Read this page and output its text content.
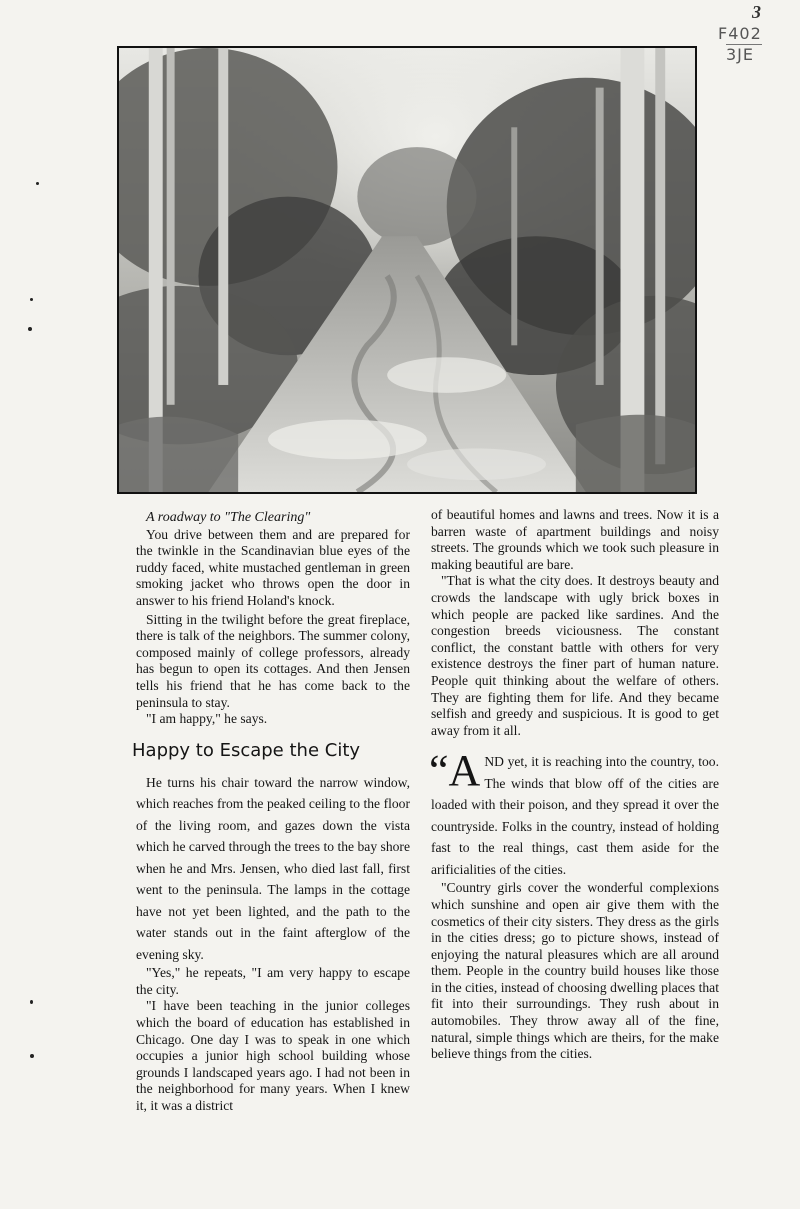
3
F402
3JE

A roadway to "The Clearing"

You drive between them and are prepared for the twinkle in the Scandinavian blue eyes of the ruddy faced, white mustached gentleman in green smoking jacket who throws open the door in answer to his friend Holand's knock.

Sitting in the twilight before the great fireplace, there is talk of the neighbors. The summer colony, composed mainly of college professors, already has begun to open its cottages. And then Jensen tells his friend that he has come back to the peninsula to stay.

"I am happy," he says.

Happy to Escape the City

He turns his chair toward the narrow window, which reaches from the peaked ceiling to the floor of the living room, and gazes down the vista which he carved through the trees to the bay shore when he and Mrs. Jensen, who died last fall, first went to the peninsula. The lamps in the cottage have not yet been lighted, and the path to the water stands out in the faint afterglow of the evening sky.

"Yes," he repeats, "I am very happy to escape the city.

"I have been teaching in the junior colleges which the board of education has established in Chicago. One day I was to speak in one which occupies a junior high school building whose grounds I landscaped years ago. I had not been in the neighborhood for many years. When I knew it, it was a district

of beautiful homes and lawns and trees. Now it is a barren waste of apartment buildings and noisy streets. The grounds which we took such pleasure in making beautiful are bare.

"That is what the city does. It destroys beauty and crowds the landscape with ugly brick boxes in which people are packed like sardines. And the congestion breeds viciousness. The constant conflict, the constant battle with others for very existence destroys the finer part of human nature. People quit thinking about the welfare of others. They are fighting them for life. And they became selfish and greedy and suspicious. It is good to get away from it all.

“AND yet, it is reaching into the country, too. The winds that blow off of the cities are loaded with their poison, and they spread it over the countryside. Folks in the country, instead of holding fast to the real things, cast them aside for the arificialities of the cities.

"Country girls cover the wonderful complexions which sunshine and open air give them with the cosmetics of their city sisters. They dress as the girls in the cities dress; go to picture shows, instead of enjoying the natural pleasures which are all around them. People in the country build houses like those in the cities, instead of choosing dwelling places that fit into their surroundings. They rush about in automobiles. They throw away all of the fine, natural, simple things which are theirs, for the make believe things from the cities.
